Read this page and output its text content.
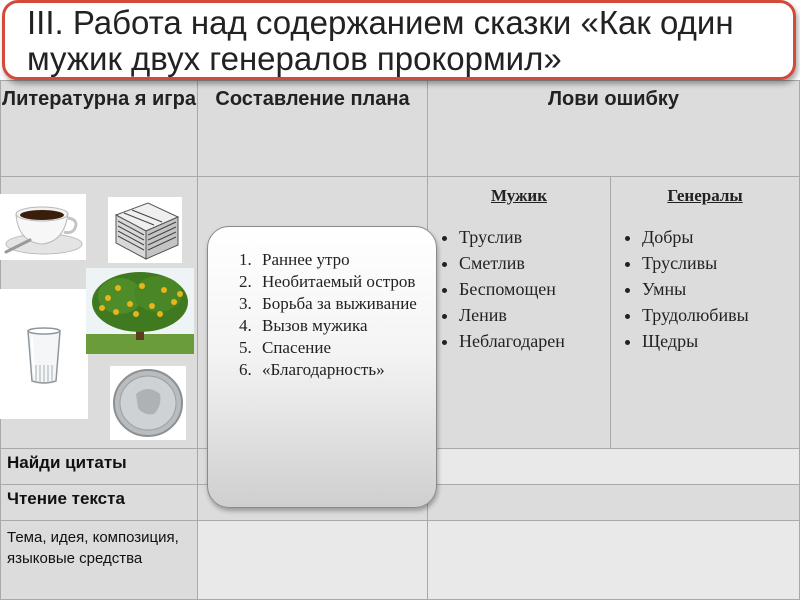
Литературна я игра Составление плана	Лови ошибку
Найди цитаты
Чтение текста
Тема, идея, композиция, языковые средства
Мужик
• Труслив
• Сметлив
• Беспомощен
• Ленив
• Неблагодарен
Генералы
• Добры
• Трусливы
• Умны
• Трудолюбивы
• Щедры
1. Раннее утро
2. Необитаемый остров
3. Борьба за выживание
4. Вызов мужика
5. Спасение
6. «Благодарность»
III. Работа над содержанием сказки «Как один мужик двух генералов прокормил»
